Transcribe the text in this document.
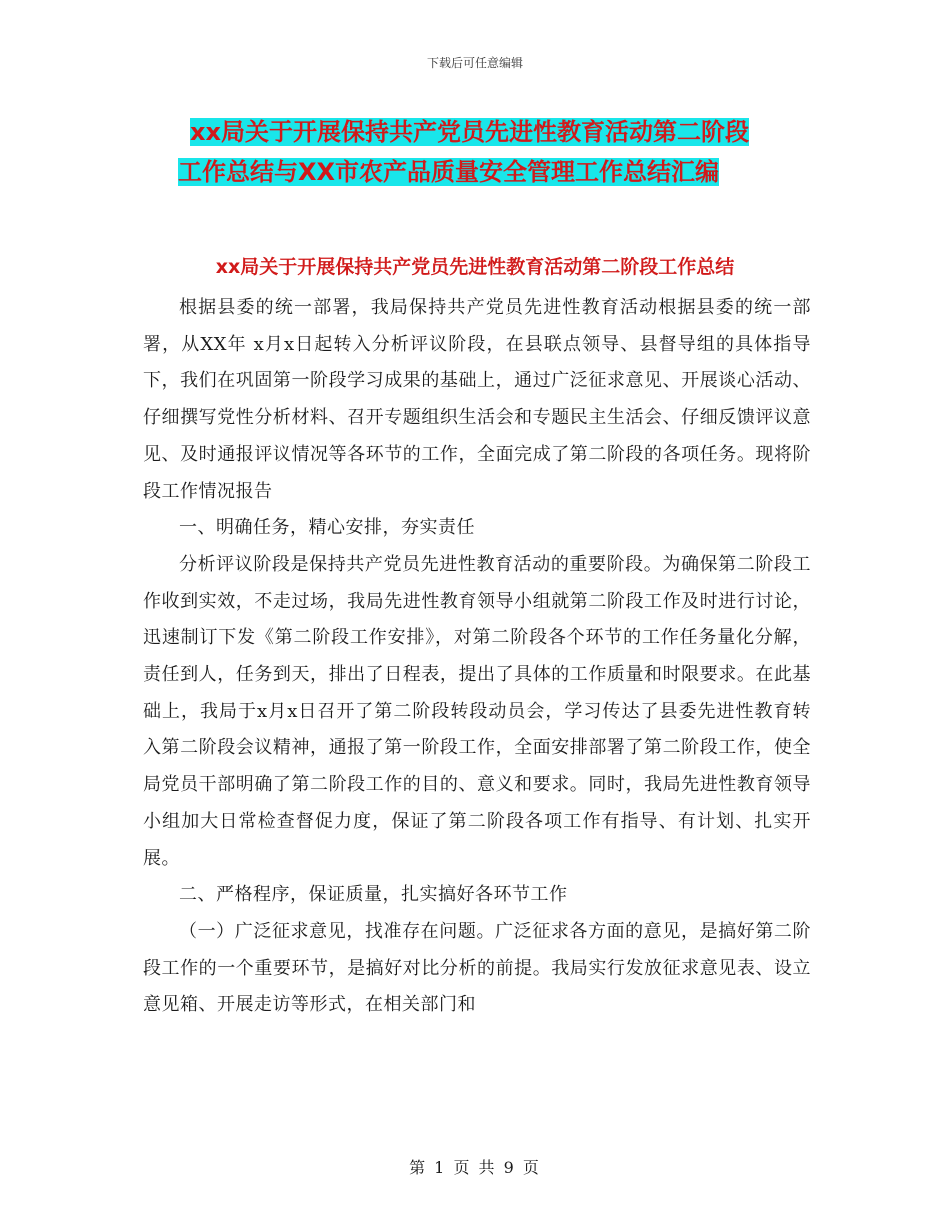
下载后可任意编辑
xx局关于开展保持共产党员先进性教育活动第二阶段
工作总结与XX市农产品质量安全管理工作总结汇编
xx局关于开展保持共产党员先进性教育活动第二阶段工作总结

根据县委的统一部署，我局保持共产党员先进性教育活动根据县委的统一部署，从XX年 x月x日起转入分析评议阶段，在县联点领导、县督导组的具体指导下，我们在巩固第一阶段学习成果的基础上，通过广泛征求意见、开展谈心活动、仔细撰写党性分析材料、召开专题组织生活会和专题民主生活会、仔细反馈评议意见、及时通报评议情况等各环节的工作，全面完成了第二阶段的各项任务。现将阶段工作情况报告

一、明确任务，精心安排，夯实责任

分析评议阶段是保持共产党员先进性教育活动的重要阶段。为确保第二阶段工作收到实效，不走过场，我局先进性教育领导小组就第二阶段工作及时进行讨论，迅速制订下发《第二阶段工作安排》，对第二阶段各个环节的工作任务量化分解，责任到人，任务到天，排出了日程表，提出了具体的工作质量和时限要求。在此基础上，我局于x月x日召开了第二阶段转段动员会，学习传达了县委先进性教育转入第二阶段会议精神，通报了第一阶段工作，全面安排部署了第二阶段工作，使全局党员干部明确了第二阶段工作的目的、意义和要求。同时，我局先进性教育领导小组加大日常检查督促力度，保证了第二阶段各项工作有指导、有计划、扎实开展。

二、严格程序，保证质量，扎实搞好各环节工作

（一）广泛征求意见，找准存在问题。广泛征求各方面的意见，是搞好第二阶段工作的一个重要环节，是搞好对比分析的前提。我局实行发放征求意见表、设立意见箱、开展走访等形式，在相关部门和

第 1 页 共 9 页
